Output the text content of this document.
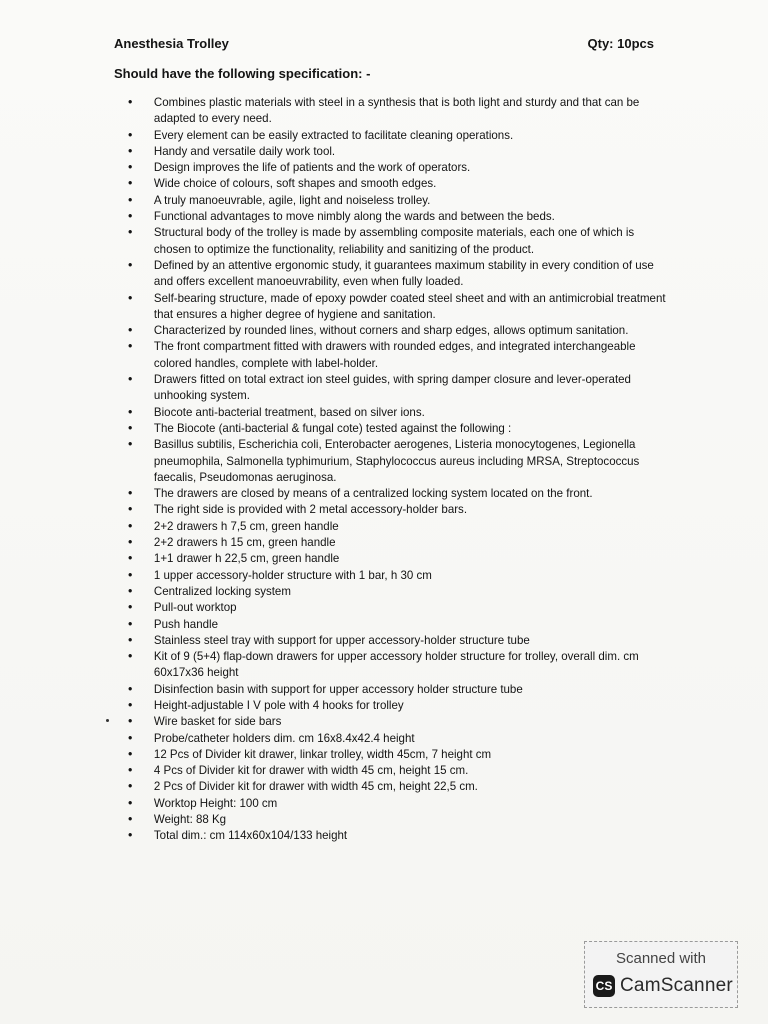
Anesthesia Trolley	Qty: 10pcs
Should have the following specification: -
• Combines plastic materials with steel in a synthesis that is both light and sturdy and that can be adapted to every need.
• Every element can be easily extracted to facilitate cleaning operations.
• Handy and versatile daily work tool.
• Design improves the life of patients and the work of operators.
• Wide choice of colours, soft shapes and smooth edges.
• A truly manoeuvrable, agile, light and noiseless trolley.
• Functional advantages to move nimbly along the wards and between the beds.
• Structural body of the trolley is made by assembling composite materials, each one of which is chosen to optimize the functionality, reliability and sanitizing of the product.
• Defined by an attentive ergonomic study, it guarantees maximum stability in every condition of use and offers excellent manoeuvrability, even when fully loaded.
• Self-bearing structure, made of epoxy powder coated steel sheet and with an antimicrobial treatment that ensures a higher degree of hygiene and sanitation.
• Characterized by rounded lines, without corners and sharp edges, allows optimum sanitation.
• The front compartment fitted with drawers with rounded edges, and integrated interchangeable colored handles, complete with label-holder.
• Drawers fitted on total extract ion steel guides, with spring damper closure and lever-operated unhooking system.
• Biocote anti-bacterial treatment, based on silver ions.
• The Biocote (anti-bacterial & fungal cote) tested against the following :
• Basillus subtilis, Escherichia coli, Enterobacter aerogenes, Listeria monocytogenes, Legionella pneumophila, Salmonella typhimurium, Staphylococcus aureus including MRSA, Streptococcus faecalis, Pseudomonas aeruginosa.
• The drawers are closed by means of a centralized locking system located on the front.
• The right side is provided with 2 metal accessory-holder bars.
• 2+2 drawers h 7,5 cm, green handle
• 2+2 drawers h 15 cm, green handle
• 1+1 drawer h 22,5 cm, green handle
• 1 upper accessory-holder structure with 1 bar, h 30 cm
• Centralized locking system
• Pull-out worktop
• Push handle
• Stainless steel tray with support for upper accessory-holder structure tube
• Kit of 9 (5+4) flap-down drawers for upper accessory holder structure for trolley, overall dim. cm 60x17x36 height
• Disinfection basin with support for upper accessory holder structure tube
• Height-adjustable I V pole with 4 hooks for trolley
• Wire basket for side bars
• Probe/catheter holders dim. cm 16x8.4x42.4 height
• 12 Pcs of Divider kit drawer, linkar trolley, width 45cm, 7 height cm
• 4 Pcs of Divider kit for drawer with width 45 cm, height 15 cm.
• 2 Pcs of Divider kit for drawer with width 45 cm, height 22,5 cm.
• Worktop Height: 100 cm
• Weight: 88 Kg
• Total dim.: cm 114x60x104/133 height
Scanned with
CS CamScanner
